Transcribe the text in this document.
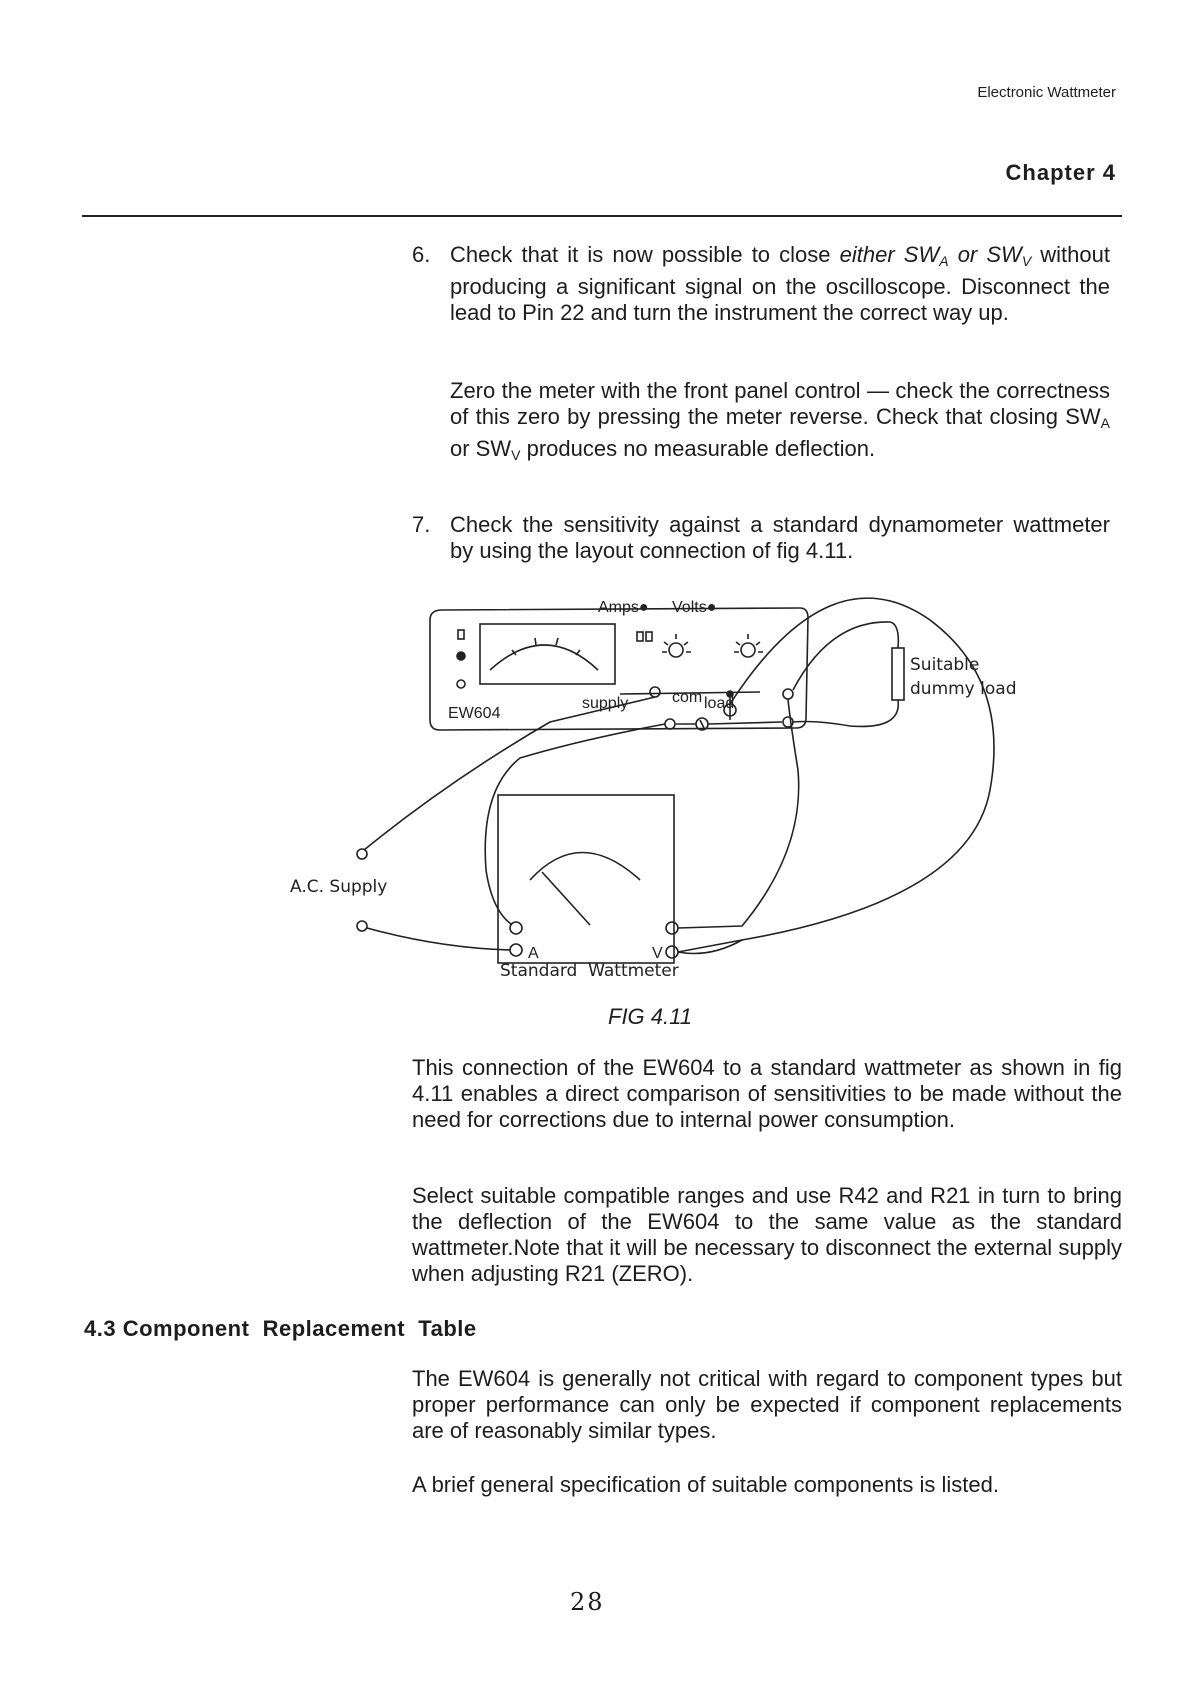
Electronic Wattmeter
Chapter 4
6. Check that it is now possible to close either $SW_A$ or $SW_V$ without producing a significant signal on the oscilloscope. Disconnect the lead to Pin 22 and turn the instrument the correct way up.
Zero the meter with the front panel control — check the correctness of this zero by pressing the meter reverse. Check that closing $SW_A$ or $SW_V$ produces no measurable deflection.
7. Check the sensitivity against a standard dynamometer wattmeter by using the layout connection of fig 4.11.
Amps● Volts●
EW604
supply	load
com
Suitable
dummy load
A.C. Supply
A	V
Standard  Wattmeter
FIG 4.11
This connection of the EW604 to a standard wattmeter as shown in fig 4.11 enables a direct comparison of sensitivities to be made without the need for corrections due to internal power consumption.
Select suitable compatible ranges and use R42 and R21 in turn to bring the deflection of the EW604 to the same value as the standard wattmeter.Note that it will be necessary to disconnect the external supply when adjusting R21 (ZERO).
4.3 Component  Replacement  Table
The EW604 is generally not critical with regard to component types but proper performance can only be expected if component replacements are of reasonably similar types.
A brief general specification of suitable components is listed.
28
